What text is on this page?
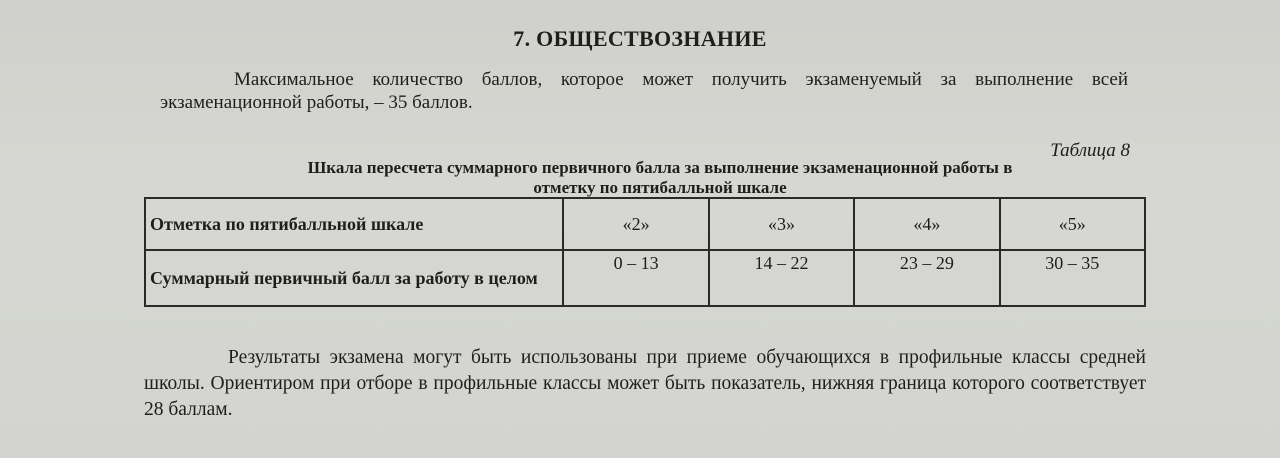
7. ОБЩЕСТВОЗНАНИЕ
Максимальное количество баллов, которое может получить экзаменуемый за выполнение всей экзаменационной работы, – 35 баллов.
Таблица 8
Шкала пересчета суммарного первичного балла за выполнение экзаменационной работы в отметку по пятибалльной шкале
Отметка по пятибалльной шкале	«2»	«3»	«4»	«5»
Суммарный первичный балл за работу в целом	0 – 13	14 – 22	23 – 29	30 – 35
Результаты экзамена могут быть использованы при приеме обучающихся в профильные классы средней школы. Ориентиром при отборе в профильные классы может быть показатель, нижняя граница которого соответствует 28 баллам.
